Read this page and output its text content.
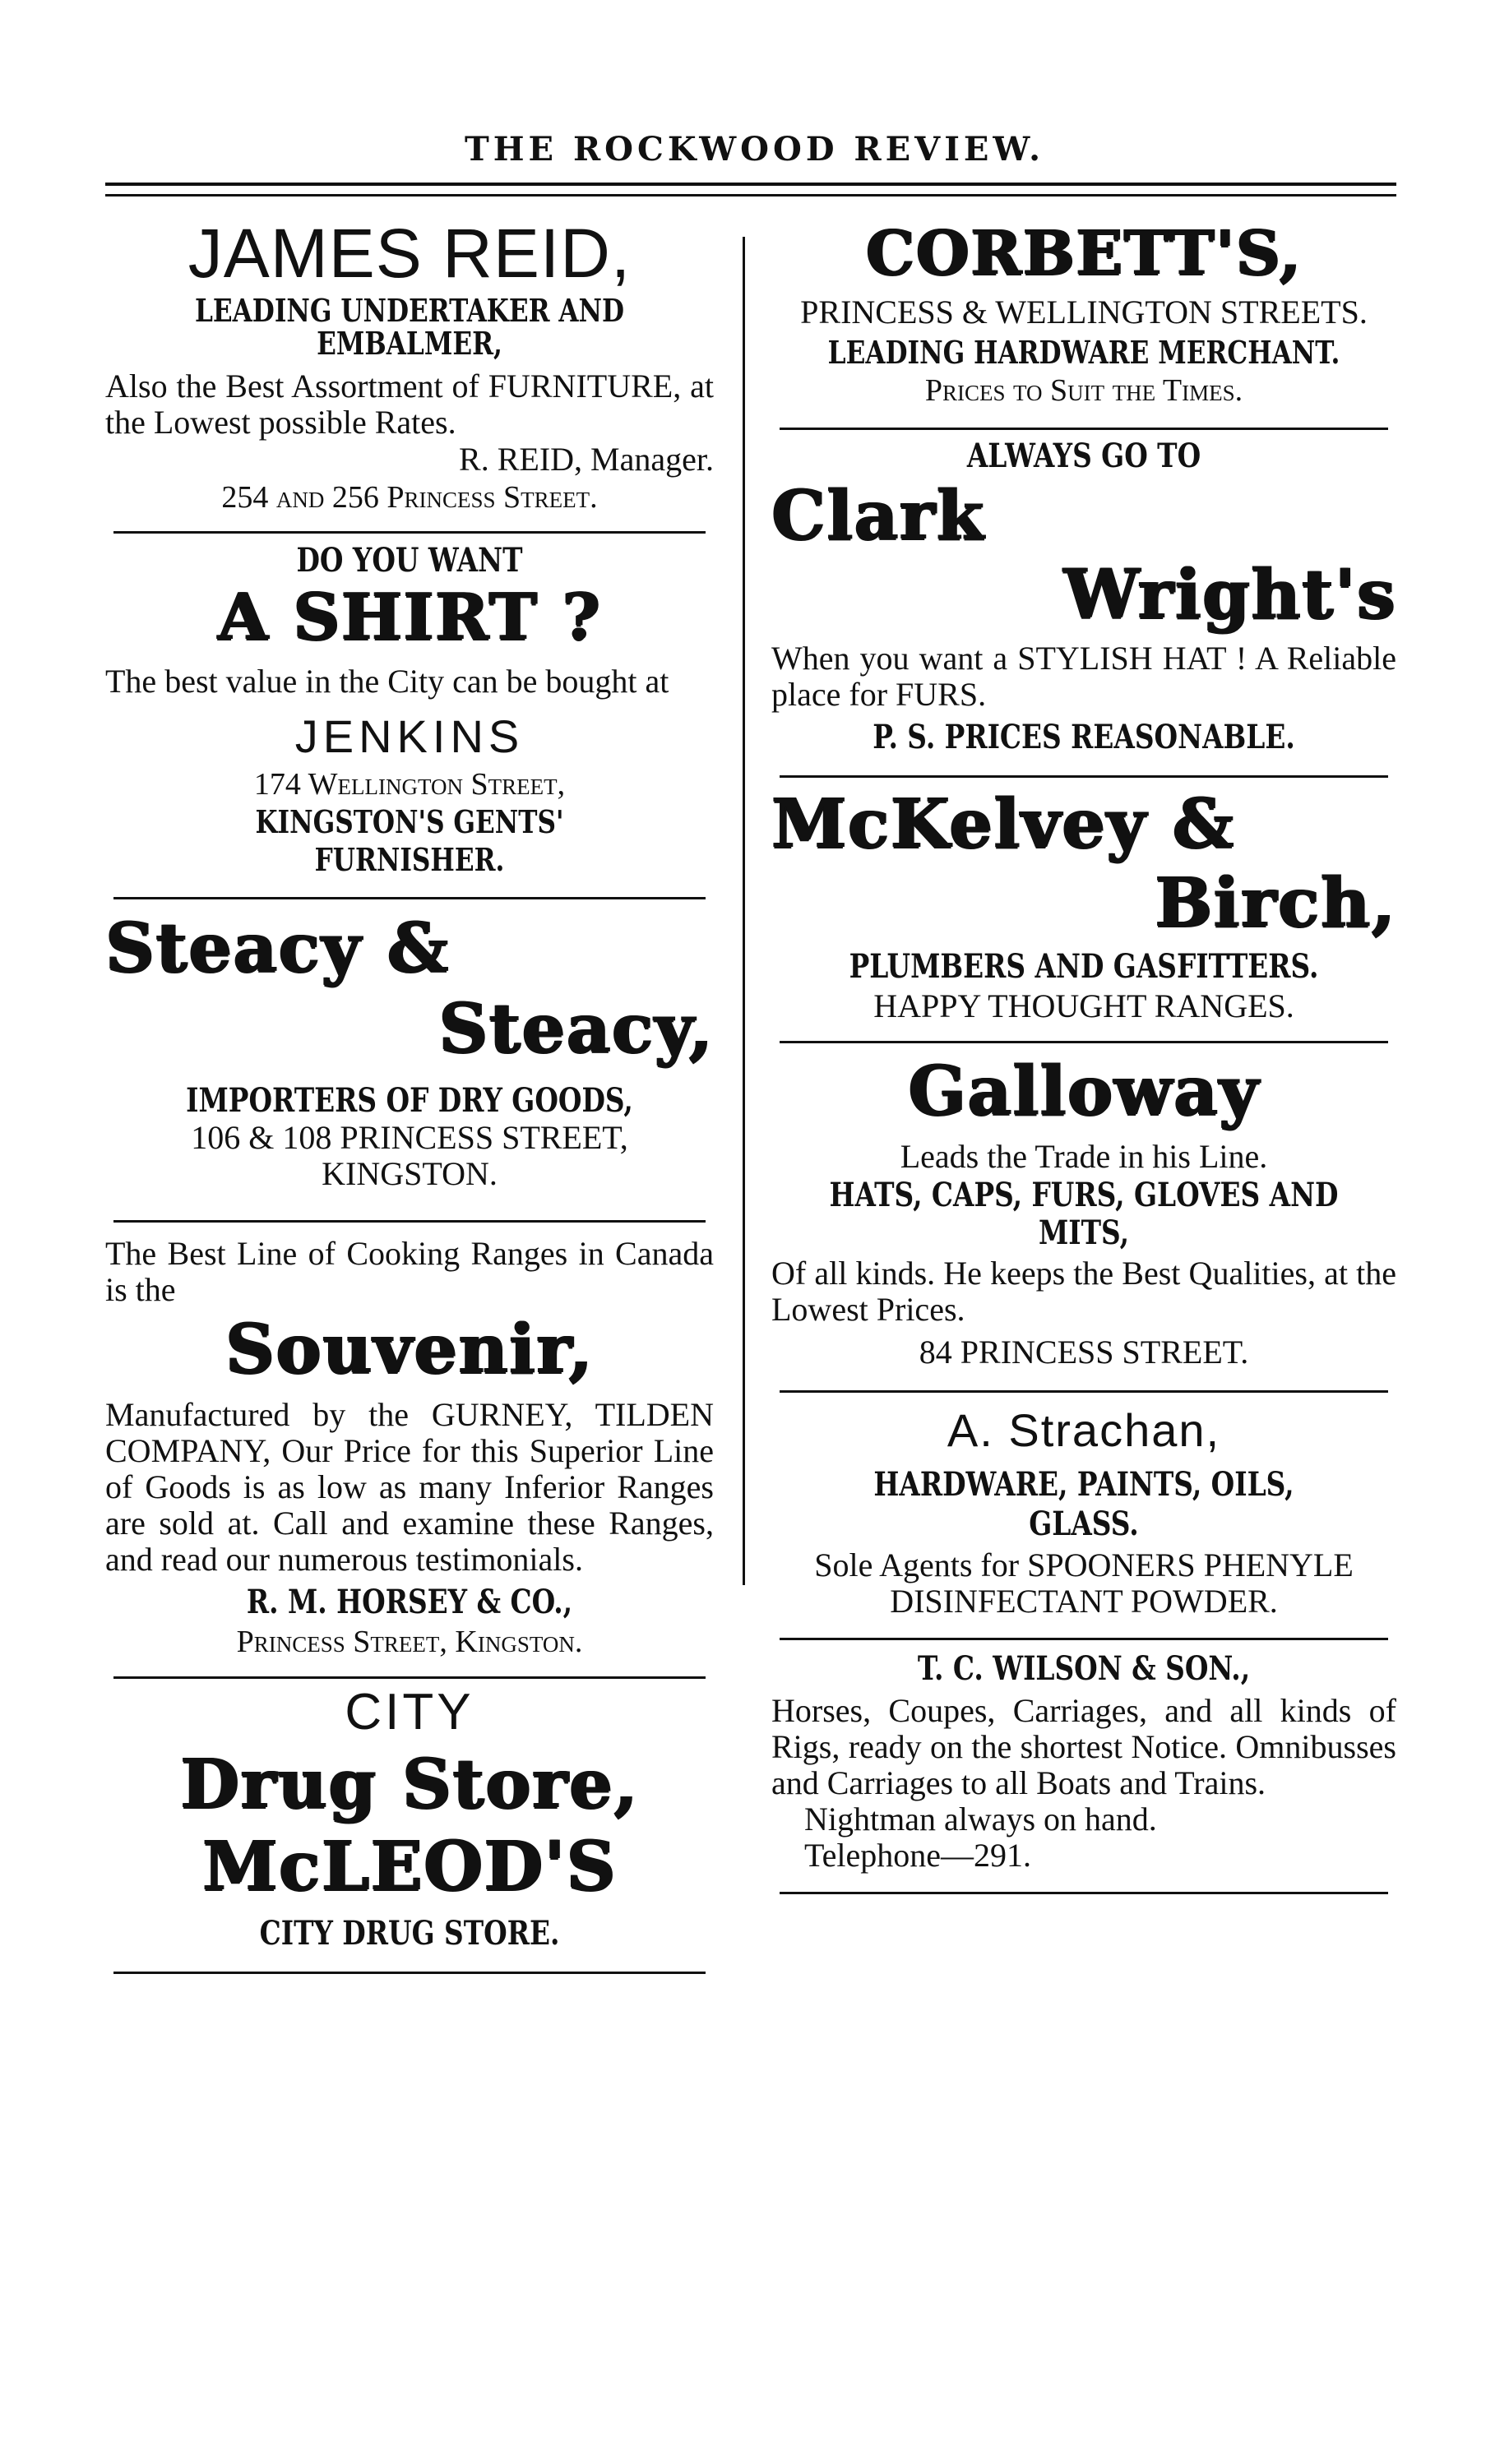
THE ROCKWOOD REVIEW.
JAMES REID,
LEADING UNDERTAKER AND EMBALMER,
Also the Best Assortment of FURNITURE, at the Lowest possible Rates.
R. REID, Manager.
254 and 256 Princess Street.
DO YOU WANT
A SHIRT ?
The best value in the City can be bought at
JENKINS
174 Wellington Street,
KINGSTON'S GENTS' FURNISHER.
Steacy &
Steacy,
IMPORTERS OF DRY GOODS,
106 & 108 PRINCESS STREET,
KINGSTON.
The Best Line of Cooking Ranges in Canada is the
Souvenir,
Manufactured by the GURNEY, TILDEN COMPANY, Our Price for this Superior Line of Goods is as low as many Inferior Ranges are sold at. Call and examine these Ranges, and read our numerous testimonials.
R. M. HORSEY & CO.,
Princess Street, Kingston.
CITY
Drug Store,
McLEOD'S
CITY DRUG STORE.
CORBETT'S,
PRINCESS & WELLINGTON STREETS.
LEADING HARDWARE MERCHANT.
Prices to Suit the Times.
ALWAYS GO TO
Clark
Wright's
When you want a STYLISH HAT ! A Reliable place for FURS.
P. S. PRICES REASONABLE.
McKelvey &
Birch,
PLUMBERS AND GASFITTERS.
HAPPY THOUGHT RANGES.
Galloway
Leads the Trade in his Line.
HATS, CAPS, FURS, GLOVES AND MITS,
Of all kinds. He keeps the Best Qualities, at the Lowest Prices.
84 PRINCESS STREET.
A. Strachan,
HARDWARE, PAINTS, OILS, GLASS.
Sole Agents for SPOONERS PHENYLE DISINFECTANT POWDER.
T. C. WILSON & SON.,
Horses, Coupes, Carriages, and all kinds of Rigs, ready on the shortest Notice. Omnibusses and Carriages to all Boats and Trains.
Nightman always on hand.
Telephone—291.
